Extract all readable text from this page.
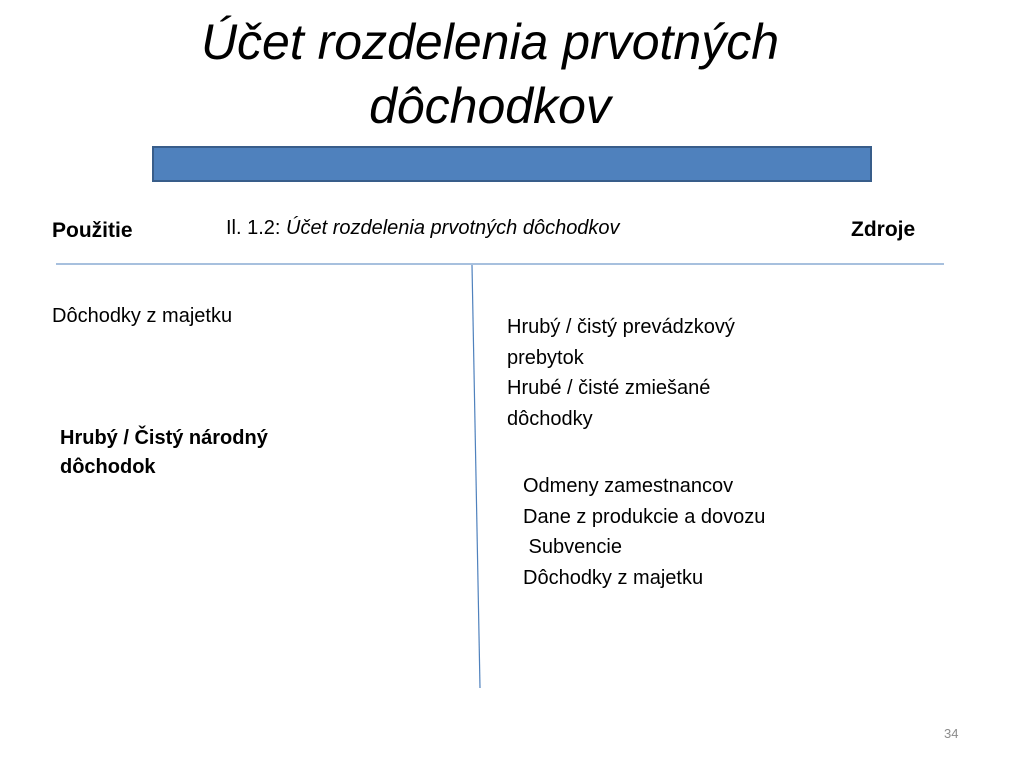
Účet rozdelenia prvotných
dôchodkov
Použitie	Il. 1.2: Účet rozdelenia prvotných dôchodkov	Zdroje
Dôchodky z majetku
Hrubý / Čistý národný
dôchodok
Hrubý / čistý prevádzkový
prebytok
Hrubé / čisté zmiešané
dôchodky
Odmeny zamestnancov
Dane z produkcie a dovozu
Subvencie
Dôchodky z majetku
34
